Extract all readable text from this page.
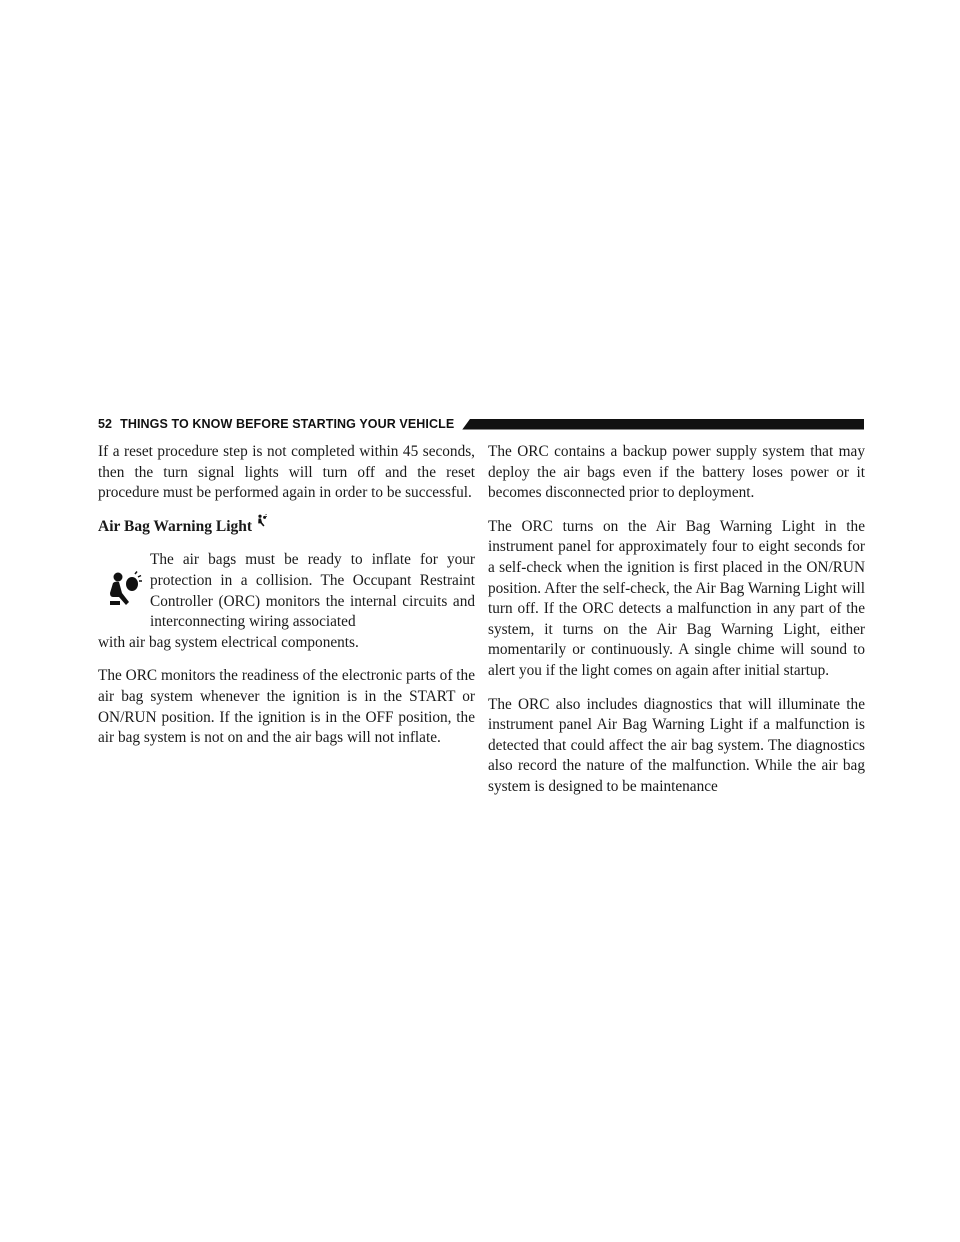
52 THINGS TO KNOW BEFORE STARTING YOUR VEHICLE

If a reset procedure step is not completed within 45 seconds, then the turn signal lights will turn off and the reset procedure must be performed again in order to be successful.

Air Bag Warning Light

The air bags must be ready to inflate for your protection in a collision. The Occupant Restraint Controller (ORC) monitors the internal circuits and interconnecting wiring associated

with air bag system electrical components.

The ORC monitors the readiness of the electronic parts of the air bag system whenever the ignition is in the START or ON/RUN position. If the ignition is in the OFF position, the air bag system is not on and the air bags will not inflate.

The ORC contains a backup power supply system that may deploy the air bags even if the battery loses power or it becomes disconnected prior to deployment.

The ORC turns on the Air Bag Warning Light in the instrument panel for approximately four to eight seconds for a self-check when the ignition is first placed in the ON/RUN position. After the self-check, the Air Bag Warning Light will turn off. If the ORC detects a malfunction in any part of the system, it turns on the Air Bag Warning Light, either momentarily or continuously. A single chime will sound to alert you if the light comes on again after initial startup.

The ORC also includes diagnostics that will illuminate the instrument panel Air Bag Warning Light if a malfunction is detected that could affect the air bag system. The diagnostics also record the nature of the malfunction. While the air bag system is designed to be maintenance
